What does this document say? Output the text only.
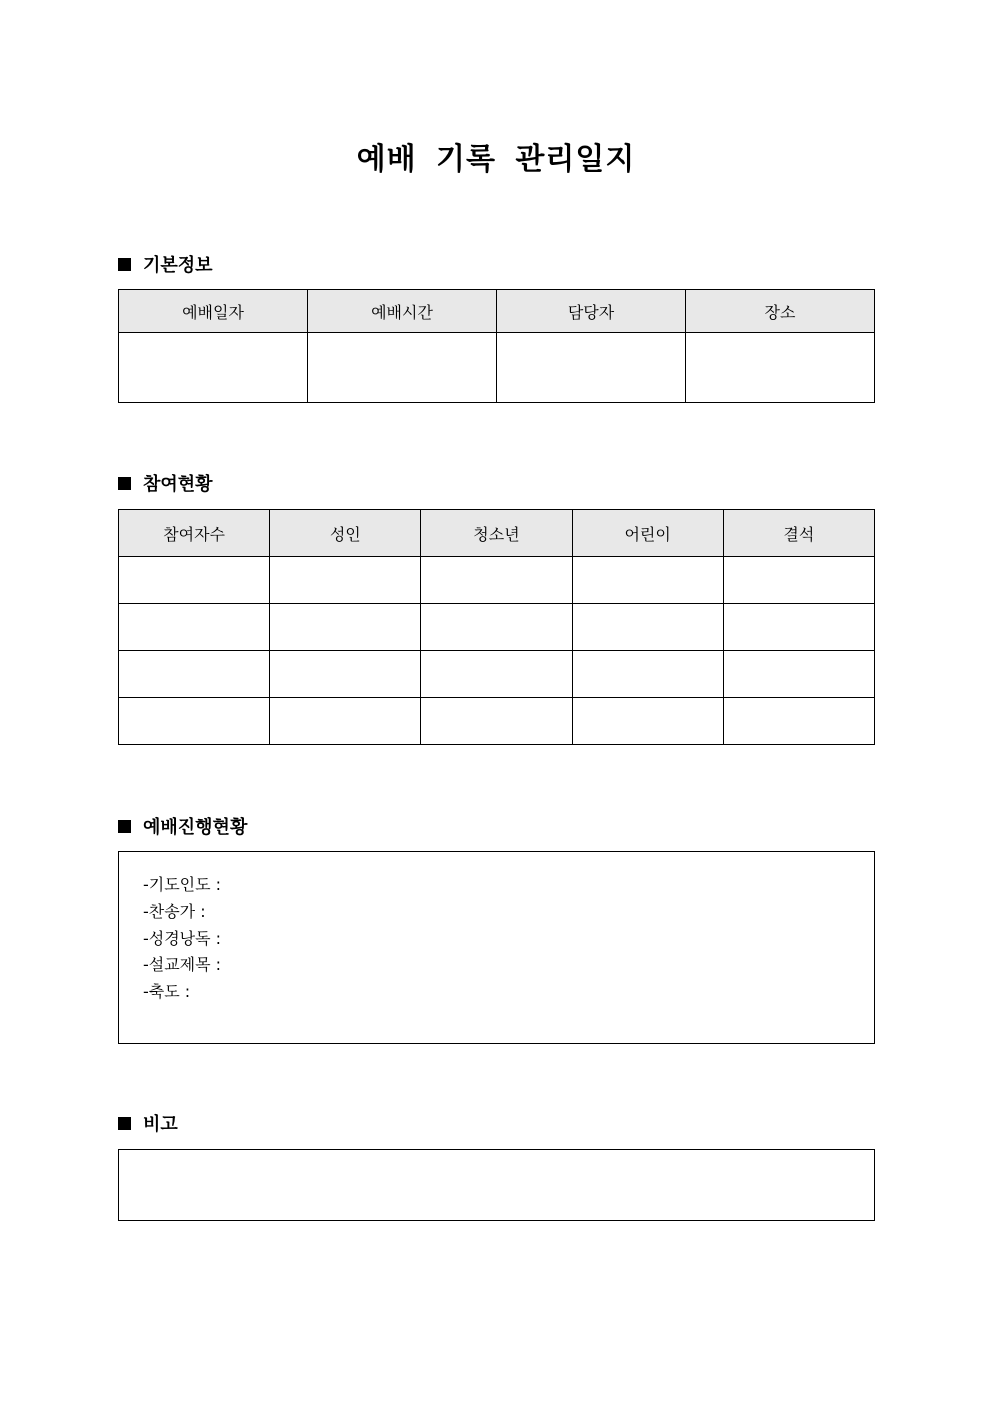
예배 기록 관리일지
기본정보
예배일자	예배시간	담당자	장소

참여현황
참여자수	성인	청소년	어린이	결석

예배진행현황
-기도인도 :
-찬송가 :
-성경낭독 :
-설교제목 :
-축도 :
비고
